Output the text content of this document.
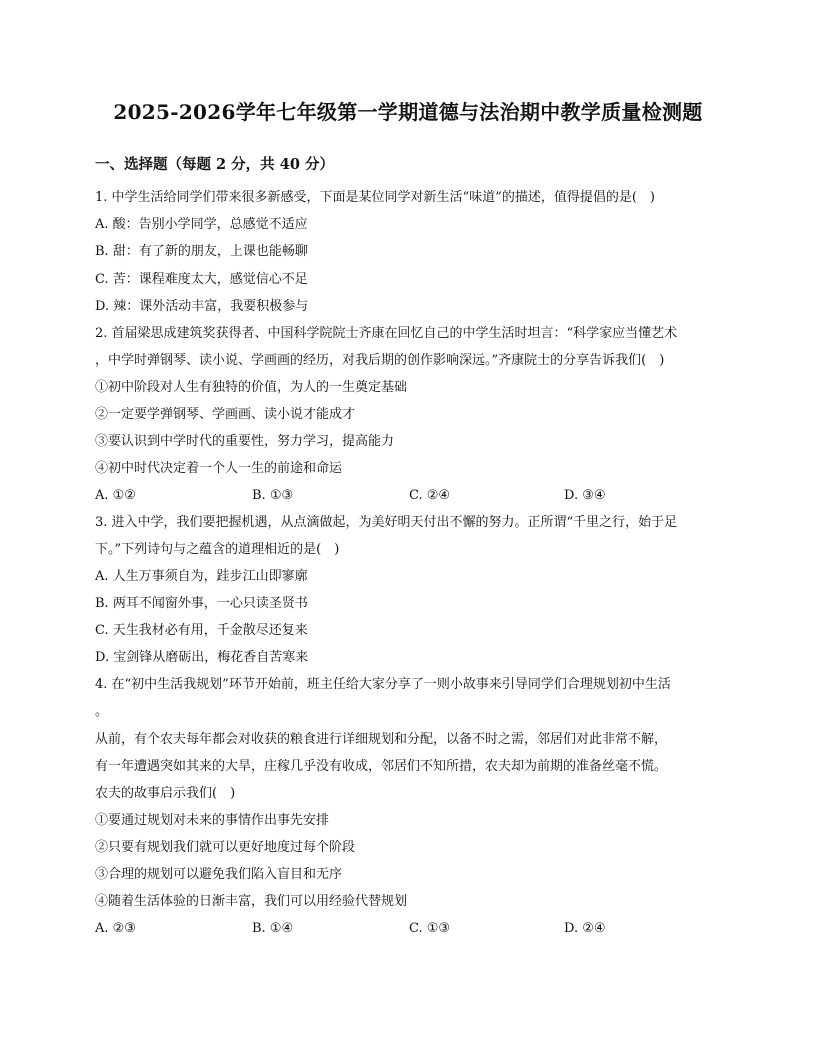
2025-2026学年七年级第一学期道德与法治期中教学质量检测题
一、选择题（每题 2 分，共 40 分）
1. 中学生活给同学们带来很多新感受，下面是某位同学对新生活“味道”的描述，值得提倡的是(　)
A. 酸：告别小学同学，总感觉不适应
B. 甜：有了新的朋友，上课也能畅聊
C. 苦：课程难度太大，感觉信心不足
D. 辣：课外活动丰富，我要积极参与
2. 首届梁思成建筑奖获得者、中国科学院院士齐康在回忆自己的中学生活时坦言：“科学家应当懂艺术
，中学时弹钢琴、读小说、学画画的经历，对我后期的创作影响深远。”齐康院士的分享告诉我们(　)
①初中阶段对人生有独特的价值，为人的一生奠定基础
②一定要学弹钢琴、学画画、读小说才能成才
③要认识到中学时代的重要性，努力学习，提高能力
④初中时代决定着一个人一生的前途和命运
A. ①②	B. ①③	C. ②④	D. ③④
3. 进入中学，我们要把握机遇，从点滴做起，为美好明天付出不懈的努力。正所谓“千里之行，始于足
下。”下列诗句与之蕴含的道理相近的是(　)
A. 人生万事须自为，跬步江山即寥廓
B. 两耳不闻窗外事，一心只读圣贤书
C. 天生我材必有用，千金散尽还复来
D. 宝剑锋从磨砺出，梅花香自苦寒来
4. 在“初中生活我规划”环节开始前，班主任给大家分享了一则小故事来引导同学们合理规划初中生活
。
从前，有个农夫每年都会对收获的粮食进行详细规划和分配，以备不时之需，邻居们对此非常不解，
有一年遭遇突如其来的大旱，庄稼几乎没有收成，邻居们不知所措，农夫却为前期的准备丝毫不慌。
农夫的故事启示我们(　)
①要通过规划对未来的事情作出事先安排
②只要有规划我们就可以更好地度过每个阶段
③合理的规划可以避免我们陷入盲目和无序
④随着生活体验的日渐丰富，我们可以用经验代替规划
A. ②③	B. ①④	C. ①③	D. ②④
